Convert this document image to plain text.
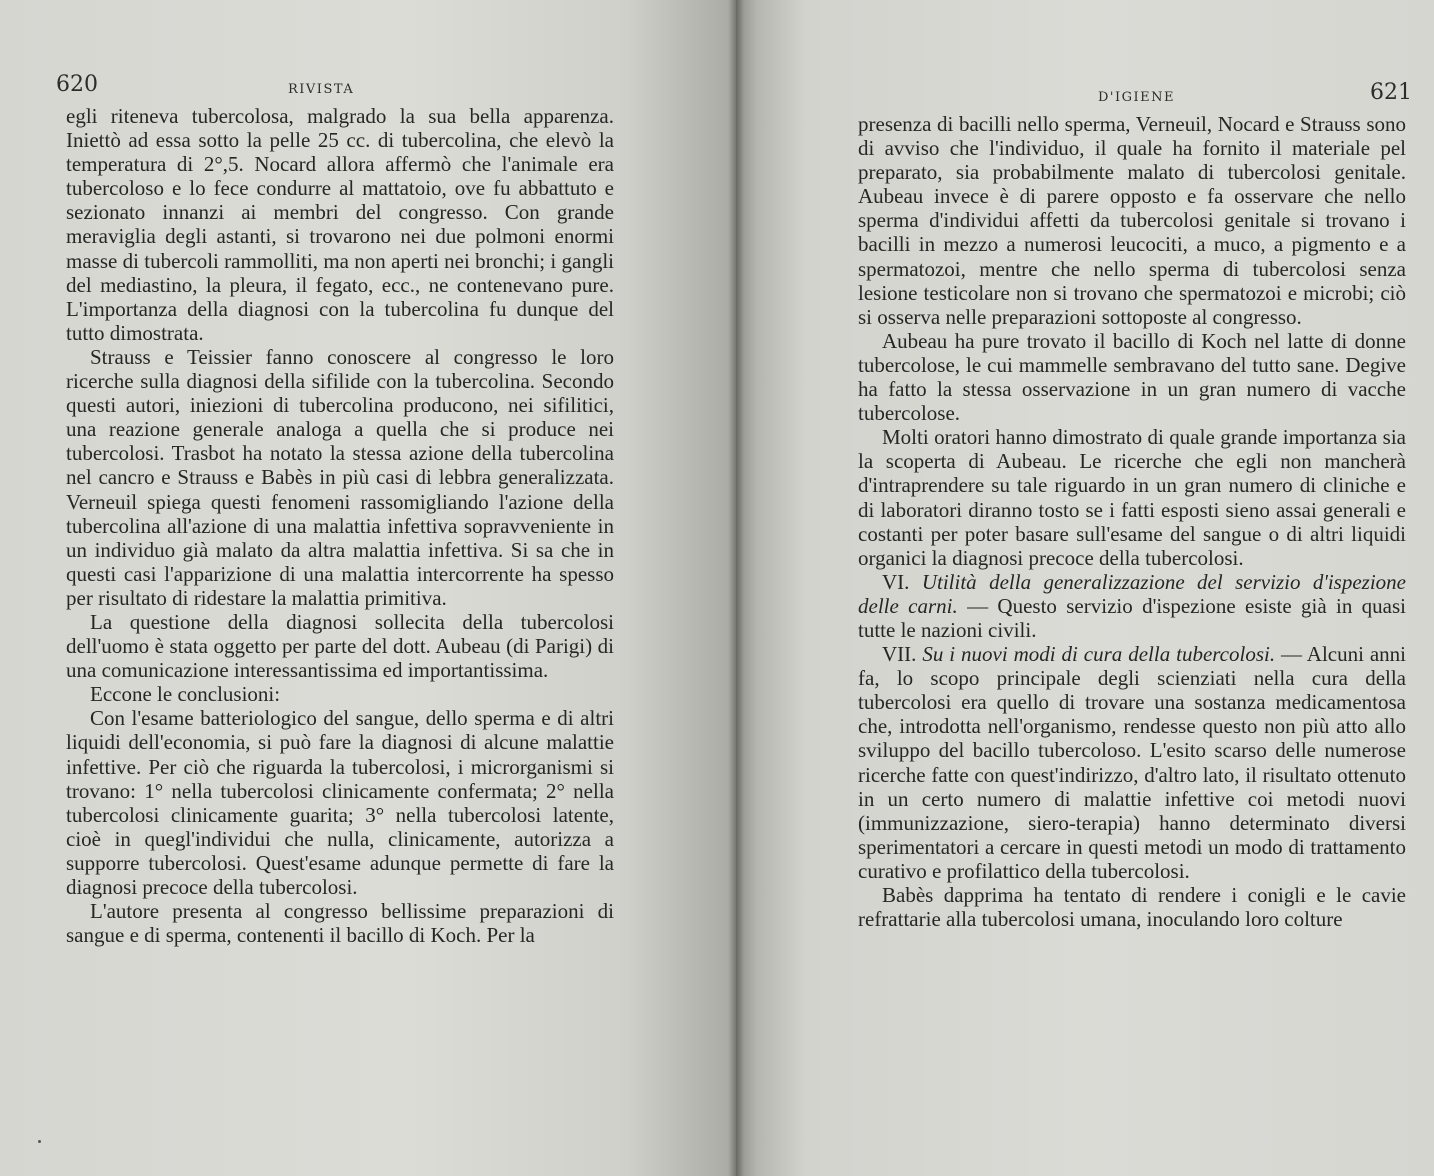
620	RIVISTA

egli riteneva tubercolosa, malgrado la sua bella apparenza. Iniettò ad essa sotto la pelle 25 cc. di tubercolina, che elevò la temperatura di 2°,5. Nocard allora affermò che l'animale era tubercoloso e lo fece condurre al mattatoio, ove fu abbattuto e sezionato innanzi ai membri del congresso. Con grande meraviglia degli astanti, si trovarono nei due polmoni enormi masse di tubercoli rammolliti, ma non aperti nei bronchi; i gangli del mediastino, la pleura, il fegato, ecc., ne contenevano pure. L'importanza della diagnosi con la tubercolina fu dunque del tutto dimostrata.

Strauss e Teissier fanno conoscere al congresso le loro ricerche sulla diagnosi della sifilide con la tubercolina. Secondo questi autori, iniezioni di tubercolina producono, nei sifilitici, una reazione generale analoga a quella che si produce nei tubercolosi. Trasbot ha notato la stessa azione della tubercolina nel cancro e Strauss e Babès in più casi di lebbra generalizzata. Verneuil spiega questi fenomeni rassomigliando l'azione della tubercolina all'azione di una malattia infettiva sopravveniente in un individuo già malato da altra malattia infettiva. Si sa che in questi casi l'apparizione di una malattia intercorrente ha spesso per risultato di ridestare la malattia primitiva.

La questione della diagnosi sollecita della tubercolosi dell'uomo è stata oggetto per parte del dott. Aubeau (di Parigi) di una comunicazione interessantissima ed importantissima.

Eccone le conclusioni:

Con l'esame batteriologico del sangue, dello sperma e di altri liquidi dell'economia, si può fare la diagnosi di alcune malattie infettive. Per ciò che riguarda la tubercolosi, i microrganismi si trovano: 1° nella tubercolosi clinicamente confermata; 2° nella tubercolosi clinicamente guarita; 3° nella tubercolosi latente, cioè in quegl'individui che nulla, clinicamente, autorizza a supporre tubercolosi. Quest'esame adunque permette di fare la diagnosi precoce della tubercolosi.

L'autore presenta al congresso bellissime preparazioni di sangue e di sperma, contenenti il bacillo di Koch. Per la

D'IGIENE	621

presenza di bacilli nello sperma, Verneuil, Nocard e Strauss sono di avviso che l'individuo, il quale ha fornito il materiale pel preparato, sia probabilmente malato di tubercolosi genitale. Aubeau invece è di parere opposto e fa osservare che nello sperma d'individui affetti da tubercolosi genitale si trovano i bacilli in mezzo a numerosi leucociti, a muco, a pigmento e a spermatozoi, mentre che nello sperma di tubercolosi senza lesione testicolare non si trovano che spermatozoi e microbi; ciò si osserva nelle preparazioni sottoposte al congresso.

Aubeau ha pure trovato il bacillo di Koch nel latte di donne tubercolose, le cui mammelle sembravano del tutto sane. Degive ha fatto la stessa osservazione in un gran numero di vacche tubercolose.

Molti oratori hanno dimostrato di quale grande importanza sia la scoperta di Aubeau. Le ricerche che egli non mancherà d'intraprendere su tale riguardo in un gran numero di cliniche e di laboratori diranno tosto se i fatti esposti sieno assai generali e costanti per poter basare sull'esame del sangue o di altri liquidi organici la diagnosi precoce della tubercolosi.

VI. Utilità della generalizzazione del servizio d'ispezione delle carni. — Questo servizio d'ispezione esiste già in quasi tutte le nazioni civili.

VII. Su i nuovi modi di cura della tubercolosi. — Alcuni anni fa, lo scopo principale degli scienziati nella cura della tubercolosi era quello di trovare una sostanza medicamentosa che, introdotta nell'organismo, rendesse questo non più atto allo sviluppo del bacillo tubercoloso. L'esito scarso delle numerose ricerche fatte con quest'indirizzo, d'altro lato, il risultato ottenuto in un certo numero di malattie infettive coi metodi nuovi (immunizzazione, siero-terapia) hanno determinato diversi sperimentatori a cercare in questi metodi un modo di trattamento curativo e profilattico della tubercolosi.

Babès dapprima ha tentato di rendere i conigli e le cavie refrattarie alla tubercolosi umana, inoculando loro colture
